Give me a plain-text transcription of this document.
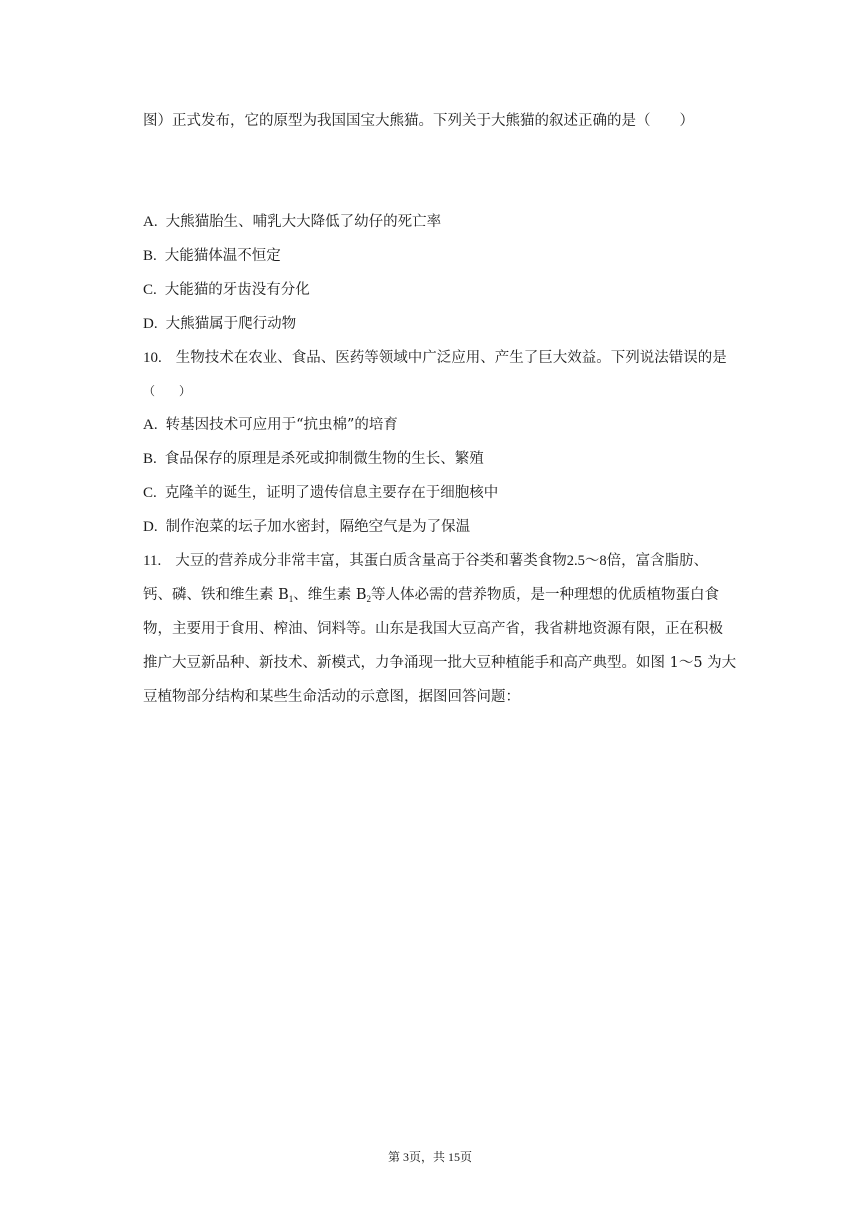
图）正式发布，它的原型为我国国宝大熊猫。下列关于大熊猫的叙述正确的是（　　）
A. 大熊猫胎生、哺乳大大降低了幼仔的死亡率
B. 大能猫体温不恒定
C. 大能猫的牙齿没有分化
D. 大熊猫属于爬行动物
10. 生物技术在农业、食品、医药等领域中广泛应用、产生了巨大效益。下列说法错误的是
（　　）
A. 转基因技术可应用于“抗虫棉”的培育
B. 食品保存的原理是杀死或抑制微生物的生长、繁殖
C. 克隆羊的诞生，证明了遗传信息主要存在于细胞核中
D. 制作泡菜的坛子加水密封，隔绝空气是为了保温
11. 大豆的营养成分非常丰富，其蛋白质含量高于谷类和薯类食物2.5～8倍，富含脂肪、
钙、磷、铁和维生素 $B_1$、维生素 $B_2$等人体必需的营养物质，是一种理想的优质植物蛋白食
物，主要用于食用、榨油、饲料等。山东是我国大豆高产省，我省耕地资源有限，正在积极
推广大豆新品种、新技术、新模式，力争涌现一批大豆种植能手和高产典型。如图 1～5 为大
豆植物部分结构和某些生命活动的示意图，据图回答问题：
第 3页，共 15页
